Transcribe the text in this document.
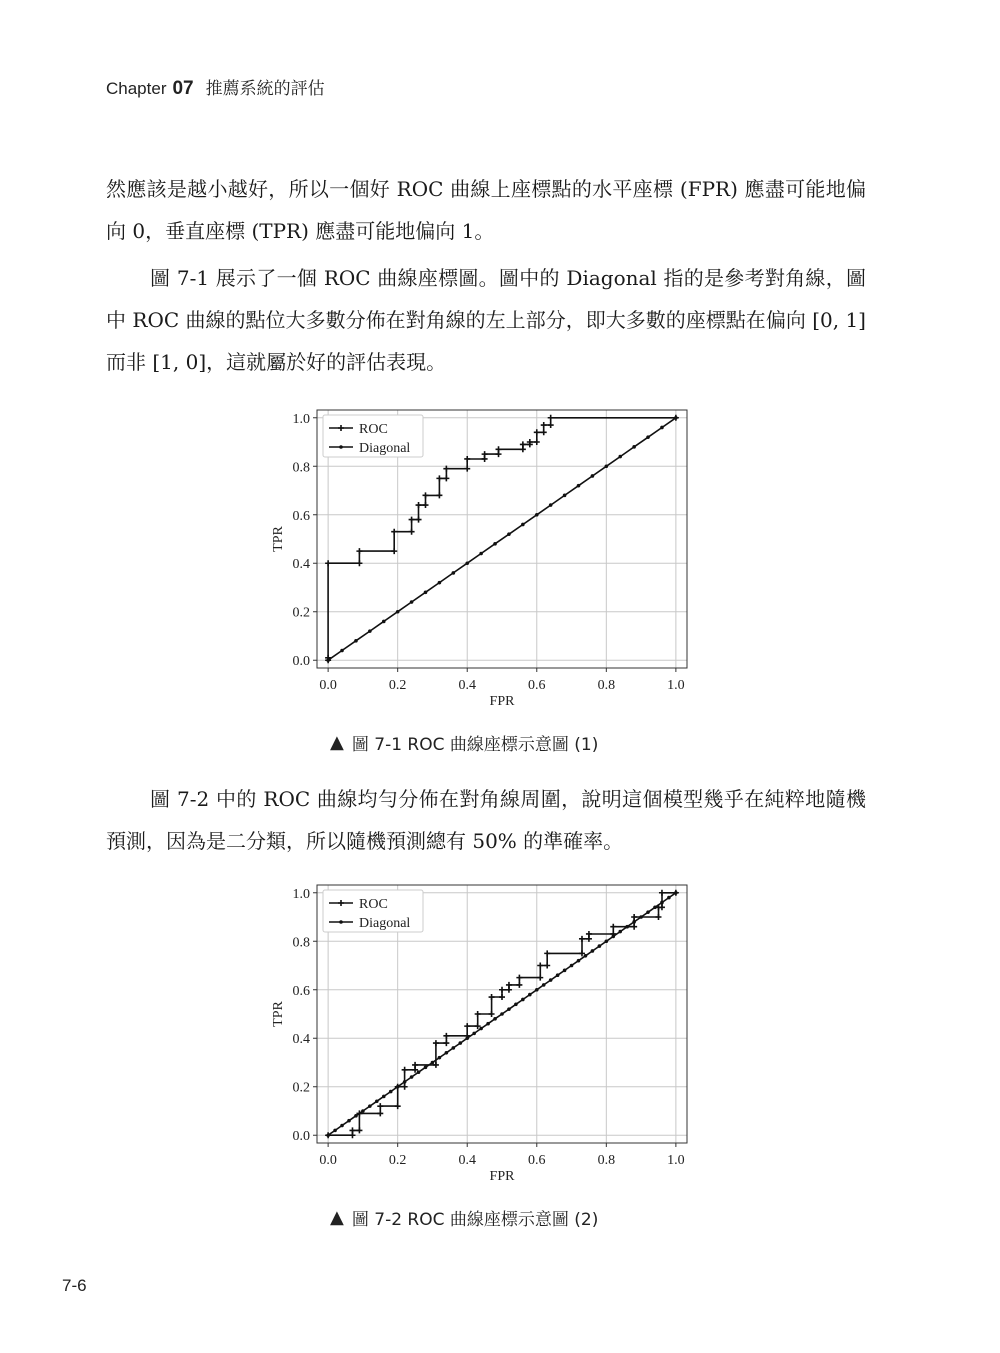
Chapter 07 推薦系統的評估

然應該是越小越好，所以一個好 ROC 曲線上座標點的水平座標 (FPR) 應盡可能地偏向 0，垂直座標 (TPR) 應盡可能地偏向 1。

圖 7-1 展示了一個 ROC 曲線座標圖。圖中的 Diagonal 指的是參考對角線，圖中 ROC 曲線的點位大多數分佈在對角線的左上部分，即大多數的座標點在偏向 [0, 1] 而非 [1, 0]，這就屬於好的評估表現。

0.0	0.2	0.4	0.6	0.8	1.0
0.0
0.2
0.4
0.6
0.8
1.0
FPR
TPR
ROC
Diagonal
▲ 圖 7-1 ROC 曲線座標示意圖 (1)

圖 7-2 中的 ROC 曲線均勻分佈在對角線周圍，說明這個模型幾乎在純粹地隨機預測，因為是二分類，所以隨機預測總有 50% 的準確率。

0.0	0.2	0.4	0.6	0.8	1.0
0.0
0.2
0.4
0.6
0.8
1.0
FPR
TPR
ROC
Diagonal
▲ 圖 7-2 ROC 曲線座標示意圖 (2)
7-6
